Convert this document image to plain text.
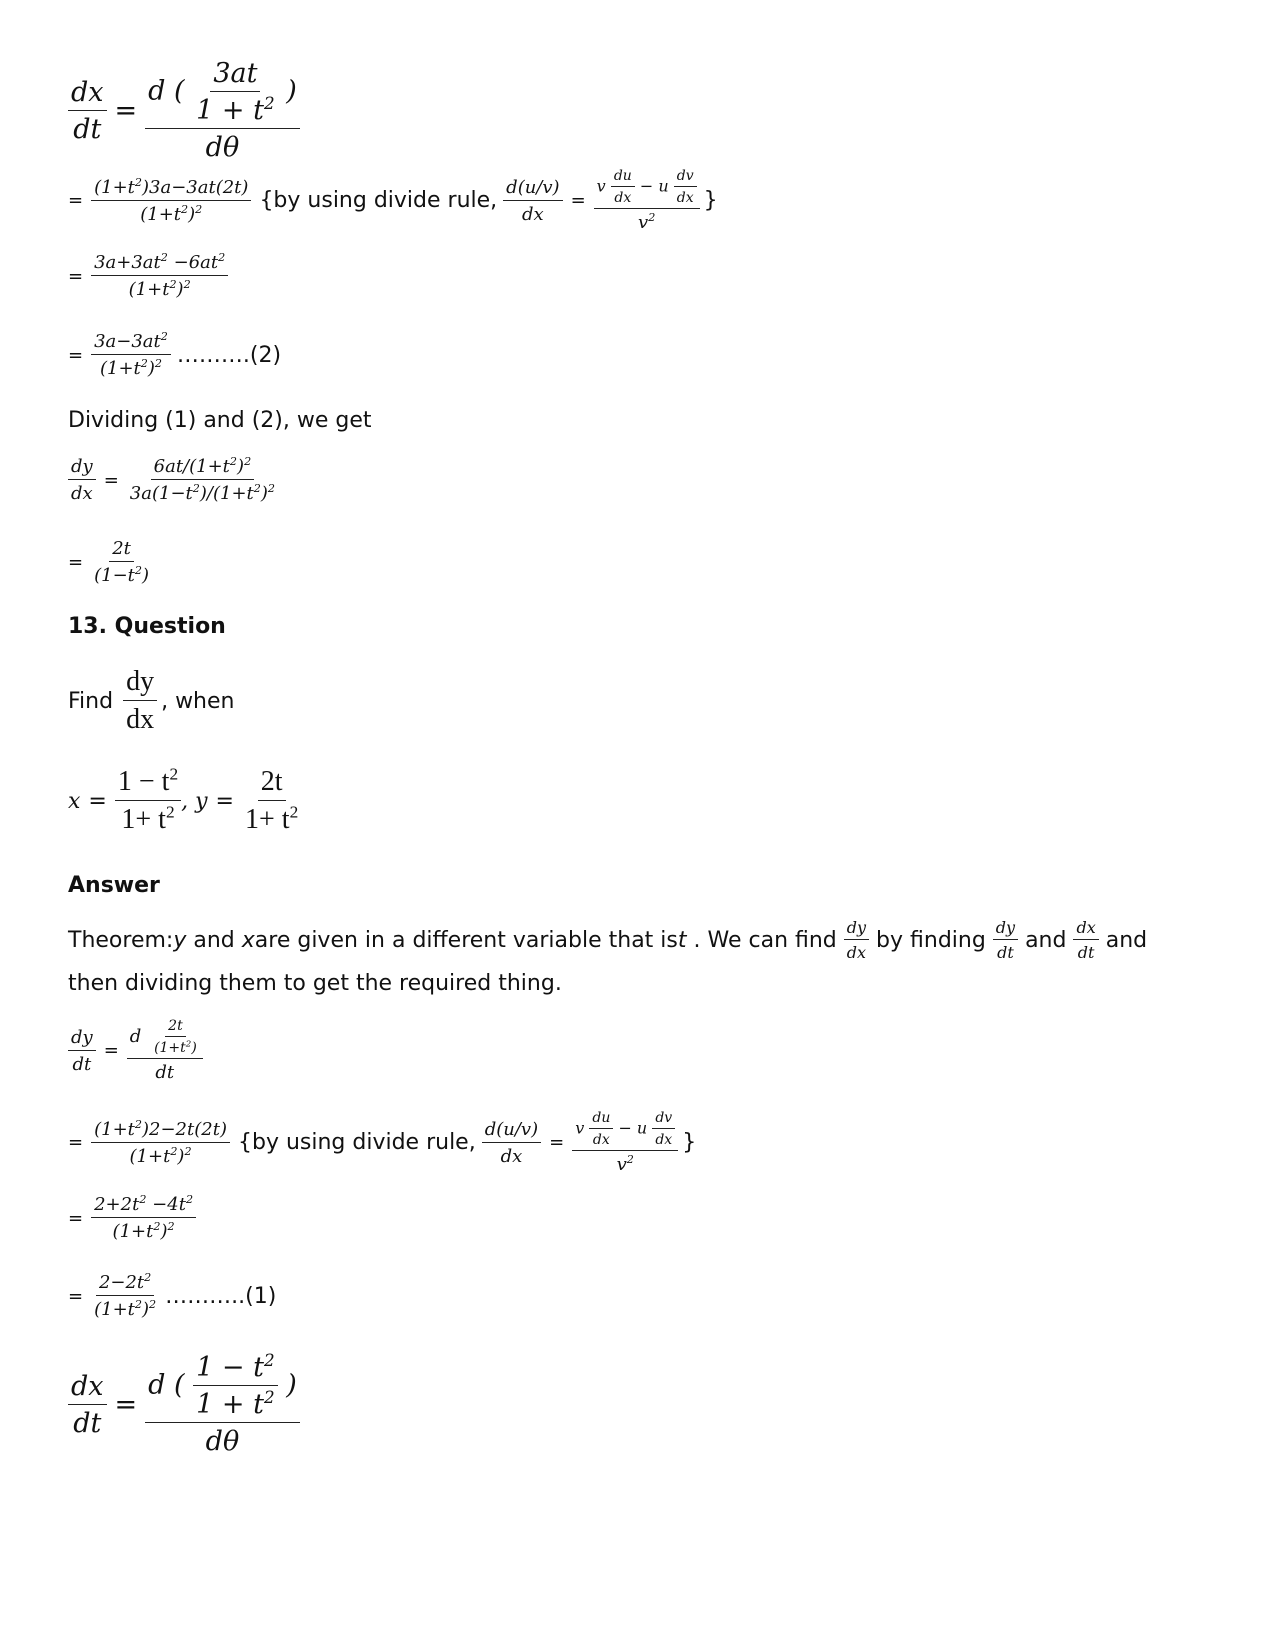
$\frac{dx}{dt} = \frac{d ( \frac{3at}{1 + t^2} )}{d\theta}$
= $\frac{(1+t^2)3a-3at(2t)}{(1+t^2)^2} \{by$ using divide rule, $\frac{d(u/v)}{dx} = \frac{v \frac{du}{dx} - u \frac{dv}{dx}}{v^2}$ }
= $\frac{3a+3at^2 -6at^2}{(1+t^2)^2}$
= $\frac{3a-3at^2}{(1+t^2)^2}$ ……….(2)
Dividing (1) and (2), we get
$\frac{dy}{dx} = \frac{6at/(1+t^2)^2}{3a(1-t^2)/(1+t^2)^2}$
= $\frac{2t}{(1-t^2)}$
13. Question
Find $\frac{dy}{dx}$ , when
$x = \frac{1 - t^2}{1+ t^2}$ , $y = \frac{2t}{1+ t^2}$
Answer
Theorem: y and x are given in a different variable that is t . We can find $\frac{dy}{dx}$ by finding $\frac{dy}{dt}$ and $\frac{dx}{dt}$ and
then dividing them to get the required thing.
$\frac{dy}{dt} = \frac{d \frac{2t}{(1+t^2)}}{dt}$
= $\frac{(1+t^2)2-2t(2t)}{(1+t^2)^2} \{by$ using divide rule, $\frac{d(u/v)}{dx} = \frac{v \frac{du}{dx} - u \frac{dv}{dx}}{v^2}$ }
= $\frac{2+2t^2 -4t^2}{(1+t^2)^2}$
= $\frac{2-2t^2}{(1+t^2)^2}$ ………..(1)
$\frac{dx}{dt} = \frac{d ( \frac{1 - t^2}{1 + t^2} )}{d\theta}$
